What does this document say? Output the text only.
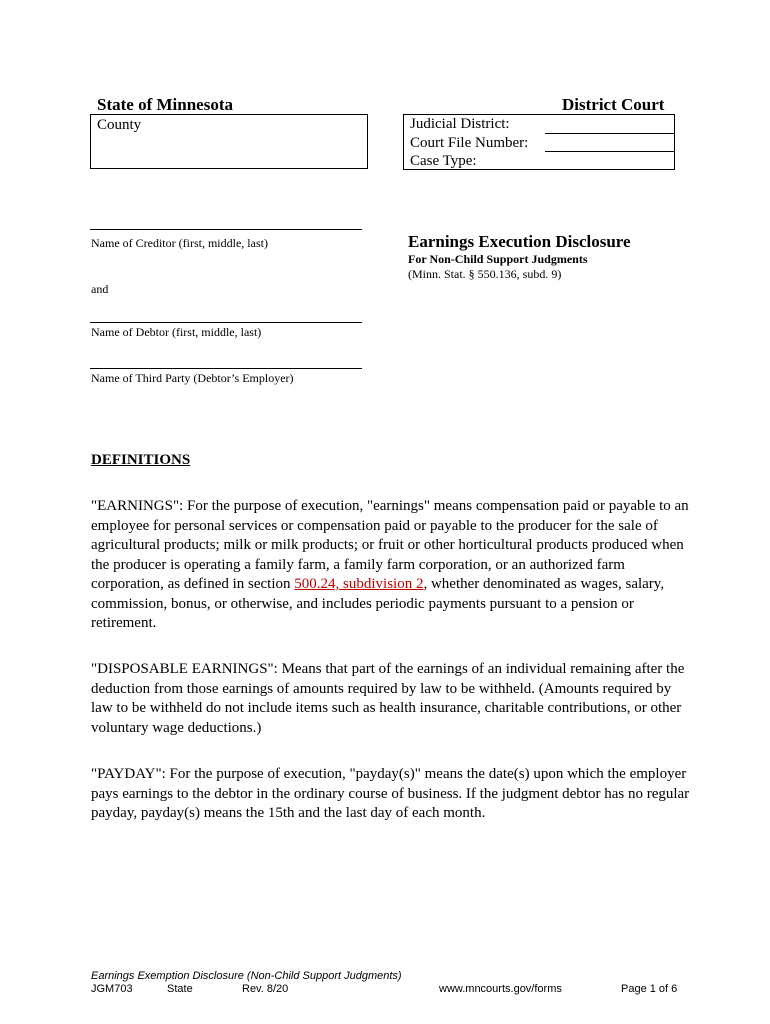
State of Minnesota	District Court
County	Judicial District:
Court File Number:
Case Type:
Name of Creditor (first, middle, last)
and
Name of Debtor (first, middle, last)
Name of Third Party (Debtor’s Employer)
Earnings Execution Disclosure
For Non-Child Support Judgments
(Minn. Stat. § 550.136, subd. 9)
DEFINITIONS
"EARNINGS": For the purpose of execution, "earnings" means compensation paid or payable to an employee for personal services or compensation paid or payable to the producer for the sale of agricultural products; milk or milk products; or fruit or other horticultural products produced when the producer is operating a family farm, a family farm corporation, or an authorized farm corporation, as defined in section 500.24, subdivision 2, whether denominated as wages, salary, commission, bonus, or otherwise, and includes periodic payments pursuant to a pension or retirement.
"DISPOSABLE EARNINGS": Means that part of the earnings of an individual remaining after the deduction from those earnings of amounts required by law to be withheld. (Amounts required by law to be withheld do not include items such as health insurance, charitable contributions, or other voluntary wage deductions.)
"PAYDAY": For the purpose of execution, "payday(s)" means the date(s) upon which the employer pays earnings to the debtor in the ordinary course of business. If the judgment debtor has no regular payday, payday(s) means the 15th and the last day of each month.
Earnings Exemption Disclosure (Non-Child Support Judgments)
JGM703	State	Rev. 8/20	www.mncourts.gov/forms	Page 1 of 6
